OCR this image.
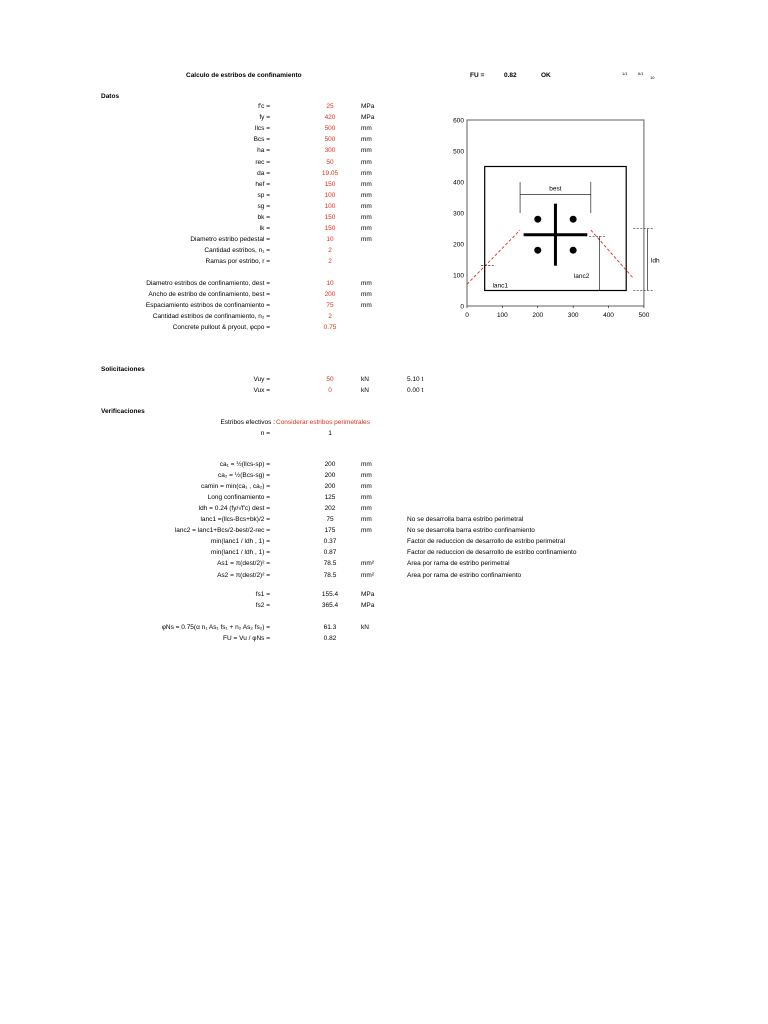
Calculo de estribos de confinamiento	FU =	0.82	OK	1/1	6/1
10
Datos
f'c =	25	MPa
fy =	420	MPa
llcs =	500	mm
Bcs =	500	mm
ha =	300	mm
rec =	50	mm
da =	19.05	mm
hef =	150	mm
sp =	100	mm
sg =	100	mm
bk =	150	mm
lk =	150	mm
Diametro estribo pedestal =	10	mm
Cantidad estribos, n₁ =	2
Ramas por estribo, r =	2
Diametro estribos de confinamiento, dest =	10	mm
Ancho de estribo de confinamiento, best =	200	mm
Espaciamiento estribos de confinamiento =	75	mm
Cantidad estribos de confinamiento, n₂ =	2
Concrete pullout & pryout, φcpo =	0.75
Solicitaciones
Vuy =	50	kN	5.10 t
Vux =	0	kN	0.00 t
Verificaciones
Estribos efectivos : Considerar estribos perimetrales
n =	1
ca₁ = ½(llcs-sp) =	200	mm
ca₂ = ½(Bcs-sg) =	200	mm
camin = min(ca₁ , ca₂) =	200	mm
Long confinamiento =	125	mm
ldh = 0.24 (fy/√f'c) dest =	202	mm
lanc1 =(llcs-Bcs+bk)/2 =	75	mm	No se desarrolla barra estribo perimetral
lanc2 = lanc1+Bcs/2-best/2-rec =	175	mm	No se desarrolla barra estribo confinamiento
min(lanc1 / ldh , 1) =	0.37	Factor de reduccion de desarrollo de estribo perimetral
min(lanc1 / ldh , 1) =	0.87	Factor de reduccion de desarrollo de estribo confinamiento
As1 = π(dest/2)² =	78.5	mm²	Area por rama de estribo perimetral
As2 = π(dest/2)² =	78.5	mm²	Area por rama de estribo confinamiento
fs1 =	155.4	MPa
fs2 =	365.4	MPa
φNs = 0.75(α n₁ As₁ fs₁ + n₂ As₂ fs₂) =	61.3	kN
FU = Vu / φNs =	0.82
0	100	200	300	400	500
0
100
200
300
400
500
600
best
lanc1
lanc2
ldh
